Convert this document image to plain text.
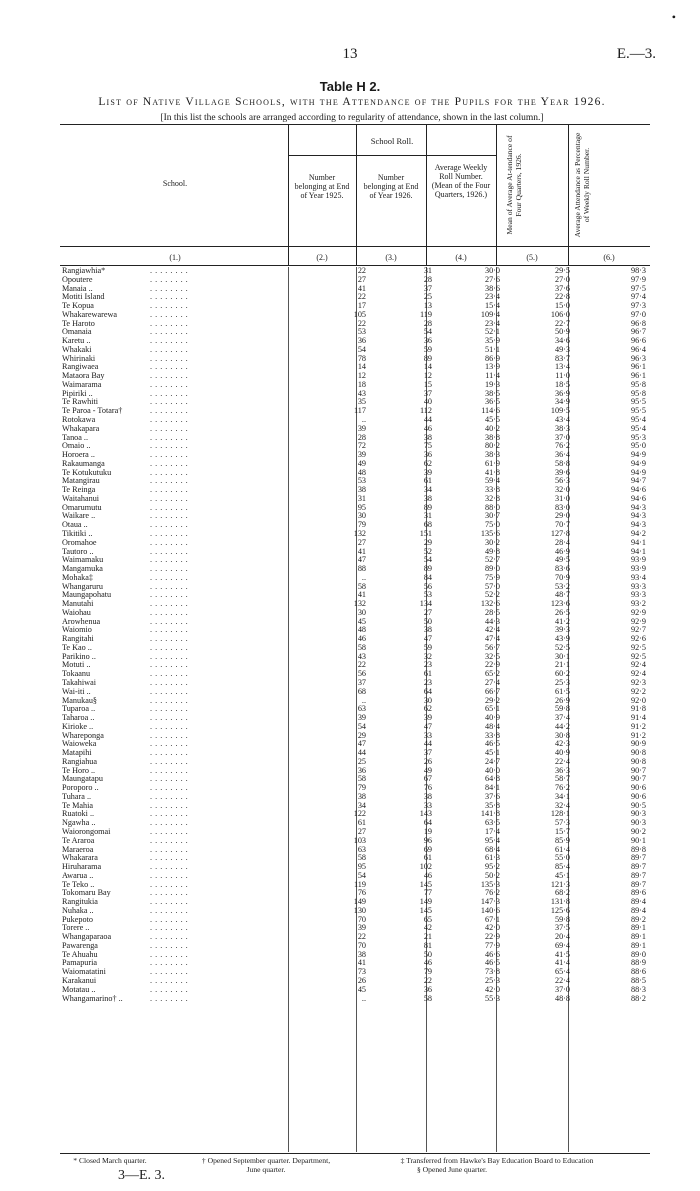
•
13	E.—3.
Table H 2.
List of Native Village Schools, with the Attendance of the Pupils for the Year 1926.
[In this list the schools are arranged according to regularity of attendance, shown in the last column.]
School.
School Roll.
Number belonging at End of Year 1925.
Number belonging at End of Year 1926.
Average Weekly Roll Number. (Mean of the Four Quarters, 1926.)	Mean of Average At-tendance of Four Quarters, 1926.	Average Attendance as Percentage of Weekly Roll Number.
(1.)	(2.)	(3.)	(4.)	(5.)	(6.)
Rangiawhia*	22	31	30·0	29·5	98·3
. . . . . . . .
Opoutere	27	28	27·6	27·0	97·9
. . . . . . . .
Manaia ..	41	37	38·6	37·6	97·5
. . . . . . . .
Motiti Island	22	25	23·4	22·8	97·4
. . . . . . . .
Te Kopua	17	13	15·4	15·0	97·3
. . . . . . . .
Whakarewarewa	105	119	109·4	106·0	97·0
. . . . . . . .
Te Haroto	22	28	23·4	22·7	96·8
. . . . . . . .
Omanaia	53	54	52·1	50·9	96·7
. . . . . . . .
Karetu ..	36	36	35·9	34·6	96·6
. . . . . . . .
Whakaki	54	59	51·1	49·3	96·4
. . . . . . . .
Whirinaki	78	89	86·9	83·7	96·3
. . . . . . . .
Rangiwaea	14	14	13·9	13·4	96·1
. . . . . . . .
Mataora Bay	12	12	11·4	11·0	96·1
. . . . . . . .
Waimarama	18	15	19·3	18·5	95·8
. . . . . . . .
Pipiriki ..	43	37	38·5	36·9	95·8
. . . . . . . .
Te Rawhiti	35	40	36·5	34·9	95·5
. . . . . . . .
Te Paroa - Totara†	117	112	114·6	109·5	95·5
. . . . . . . .
Rotokawa	..	44	45·5	43·4	95·4
. . . . . . . .
Whakapara	39	46	40·2	38·3	95·4
. . . . . . . .
Tanoa ..	28	38	38·8	37·0	95·3
. . . . . . . .
Omaio ..	72	75	80·2	76·2	95·0
. . . . . . . .
Horoera ..	39	36	38·3	36·4	94·9
. . . . . . . .
Rakaumanga	49	62	61·9	58·8	94·9
. . . . . . . .
Te Kotukutuku	48	39	41·8	39·6	94·9
. . . . . . . .
Matangirau	53	61	59·4	56·3	94·7
. . . . . . . .
Te Reinga	38	34	33·8	32·0	94·6
. . . . . . . .
Waitahanui	31	38	32·8	31·0	94·6
. . . . . . . .
Omarumutu	95	89	88·0	83·0	94·3
. . . . . . . .
Waikare ..	30	31	30·7	29·0	94·3
. . . . . . . .
Otaua ..	79	68	75·0	70·7	94·3
. . . . . . . .
Tikitiki ..	132	151	135·6	127·8	94·2
. . . . . . . .
Oromahoe	27	29	30·2	28·4	94·1
. . . . . . . .
Tautoro ..	41	52	49·8	46·9	94·1
. . . . . . . .
Waimamaku	47	54	52·7	49·5	93·9
. . . . . . . .
Mangamuka	88	89	89·0	83·6	93·9
. . . . . . . .
Mohaka‡	..	84	75·9	70·9	93·4
. . . . . . . .
Whangaruru	58	56	57·0	53·2	93·3
. . . . . . . .
Maungapohatu	41	53	52·2	48·7	93·3
. . . . . . . .
Manutahi	132	134	132·6	123·6	93·2
. . . . . . . .
Waiohau	30	27	28·5	26·5	92·9
. . . . . . . .
Arowhenua	45	50	44·3	41·2	92·9
. . . . . . . .
Waiomio	48	38	42·4	39·3	92·7
. . . . . . . .
Rangitahi	46	47	47·4	43·9	92·6
. . . . . . . .
Te Kao ..	58	59	56·7	52·5	92·5
. . . . . . . .
Parikino ..	43	32	32·5	30·1	92·5
. . . . . . . .
Motuti ..	22	23	22·9	21·1	92·4
. . . . . . . .
Tokaanu	56	61	65·2	60·2	92·4
. . . . . . . .
Takahiwai	37	23	27·4	25·3	92·3
. . . . . . . .
Wai-iti ..	68	64	66·7	61·5	92·2
. . . . . . . .
Manukau§	..	30	29·2	26·9	92·0
. . . . . . . .
Tuparoa ..	63	62	65·1	59·8	91·8
. . . . . . . .
Taharoa ..	39	39	40·9	37·4	91·4
. . . . . . . .
Kirioke ..	54	47	48·4	44·2	91·2
. . . . . . . .
Whareponga	29	33	33·8	30·8	91·2
. . . . . . . .
Waioweka	47	44	46·5	42·3	90·9
. . . . . . . .
Matapihi	44	37	45·1	40·9	90·8
. . . . . . . .
Rangiahua	25	26	24·7	22·4	90·8
. . . . . . . .
Te Horo ..	36	49	40·0	36·3	90·7
. . . . . . . .
Maungatapu	58	67	64·8	58·7	90·7
. . . . . . . .
Poroporo ..	79	76	84·1	76·2	90·6
. . . . . . . .
Tuhara ..	38	38	37·6	34·1	90·6
. . . . . . . .
Te Mahia	34	33	35·8	32·4	90·5
. . . . . . . .
Ruatoki ..	122	143	141·8	128·1	90·3
. . . . . . . .
Ngawha ..	61	64	63·5	57·3	90·3
. . . . . . . .
Waiorongomai	27	19	17·4	15·7	90·2
. . . . . . . .
Te Araroa	103	96	95·4	85·9	90·1
. . . . . . . .
Maraeroa	63	69	68·4	61·4	89·8
. . . . . . . .
Whakarara	58	61	61·3	55·0	89·7
. . . . . . . .
Hiruharama	95	102	95·2	85·4	89·7
. . . . . . . .
Awarua ..	54	46	50·2	45·1	89·7
. . . . . . . .
Te Teko ..	119	145	135·3	121·3	89·7
. . . . . . . .
Tokomaru Bay	76	77	76·2	68·2	89·6
. . . . . . . .
Rangitukia	149	149	147·3	131·8	89·4
. . . . . . . .
Nuhaka ..	130	145	140·6	125·6	89·4
. . . . . . . .
Pukepoto	70	65	67·1	59·8	89·2
. . . . . . . .
Torere ..	39	42	42·0	37·5	89·1
. . . . . . . .
Whangaparaoa	22	21	22·9	20·4	89·1
. . . . . . . .
Pawarenga	70	81	77·9	69·4	89·1
. . . . . . . .
Te Ahuahu	38	50	46·6	41·5	89·0
. . . . . . . .
Pamapuria	41	46	46·5	41·4	88·9
. . . . . . . .
Waiomatatini	73	79	73·8	65·4	88·6
. . . . . . . .
Karakanui	26	22	25·3	22·4	88·5
. . . . . . . .
Motatau ..	45	36	42·0	37·0	88·3
. . . . . . . .
Whangamarino† ..	..	58	55·3	48·8	88·2
. . . . . . . .
* Closed March quarter.	† Opened September quarter. Department, June quarter.
‡ Transferred from Hawke's Bay Education Board to Education
§ Opened June quarter.
3—E. 3.
